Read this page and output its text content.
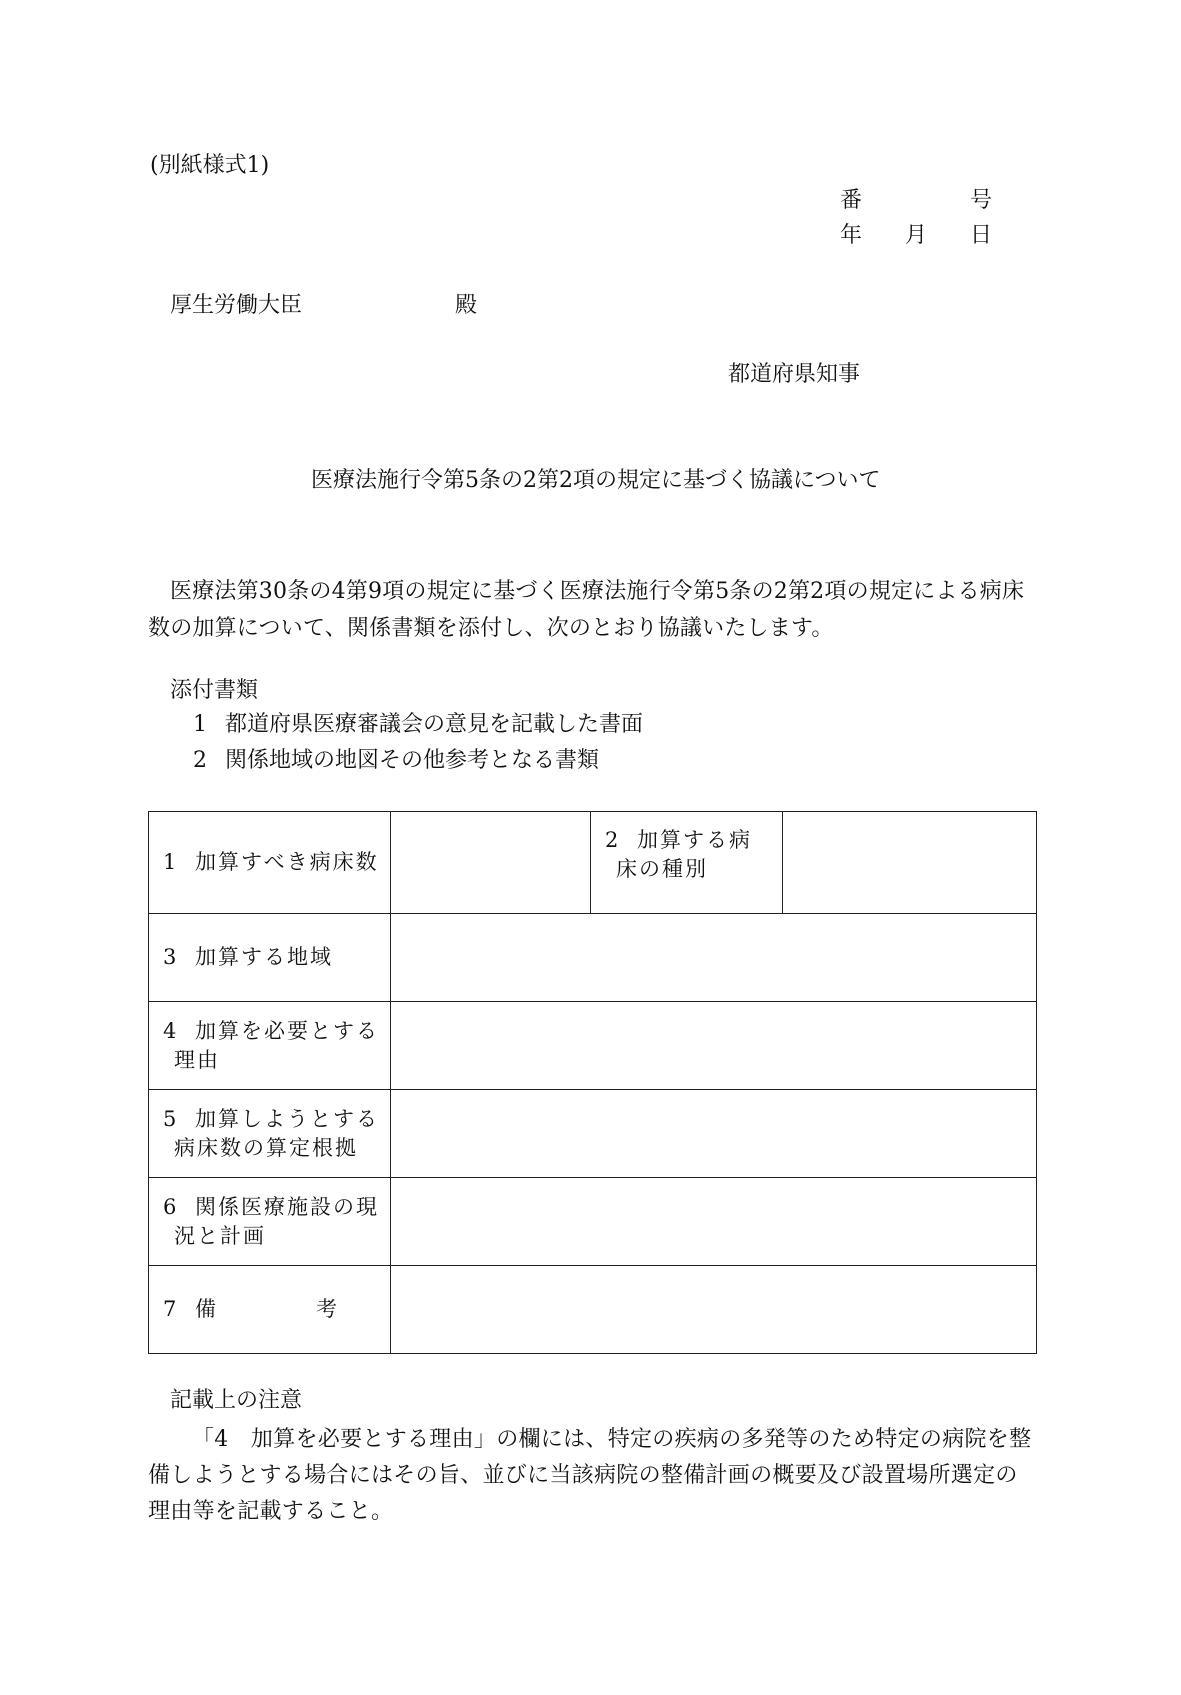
(別紙様式1)
番	号
年 月 日
厚生労働大臣	殿
都道府県知事
医療法施行令第5条の2第2項の規定に基づく協議について
医療法第30条の4第9項の規定に基づく医療法施行令第5条の2第2項の規定による病床数の加算について、関係書類を添付し、次のとおり協議いたします。
添付書類
1 都道府県医療審議会の意見を記載した書面
2 関係地域の地図その他参考となる書類
1 加算すべき病床数		2 加算する病
床の種別	

3 加算する地域			

4 加算を必要とする
理由			

5 加算しようとする
病床数の算定根拠			

6 関係医療施設の現
況と計画			

7 備 考			
記載上の注意
「4　加算を必要とする理由」の欄には、特定の疾病の多発等のため特定の病院を整備しようとする場合にはその旨、並びに当該病院の整備計画の概要及び設置場所選定の理由等を記載すること。
